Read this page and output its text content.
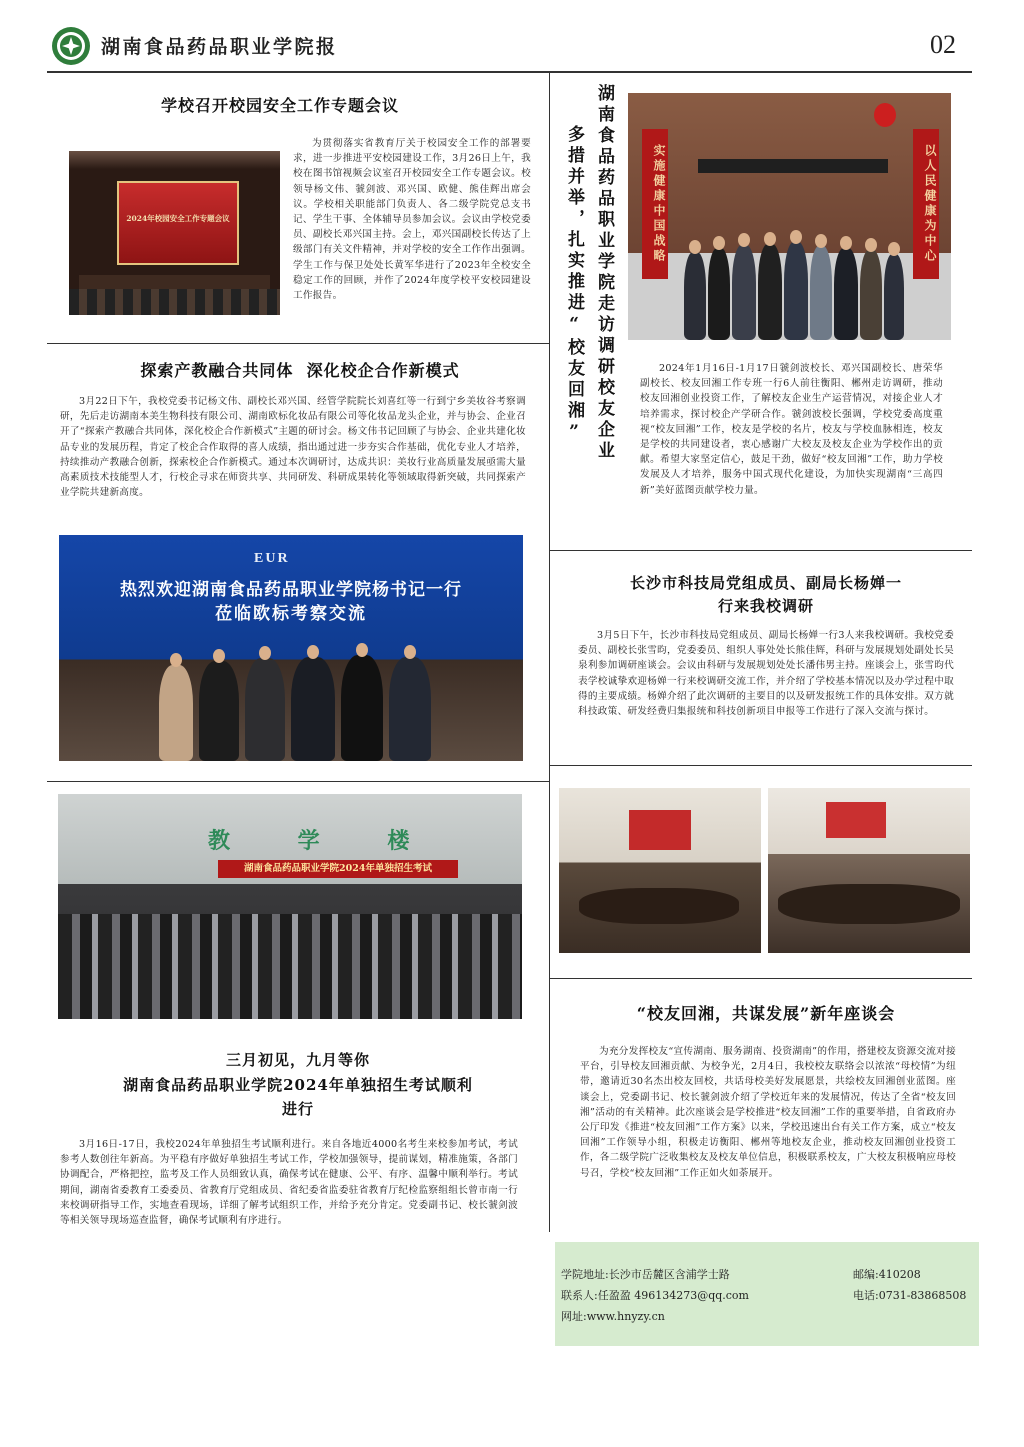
湖南食品药品职业学院报	02
学校召开校园安全工作专题会议
2024年校园安全工作专题会议
为贯彻落实省教育厅关于校园安全工作的部署要求，进一步推进平安校园建设工作，3月26日上午，我校在图书馆视频会议室召开校园安全工作专题会议。校领导杨文伟、虢剑波、邓兴国、欧健、熊佳辉出席会议。学校相关职能部门负责人、各二级学院党总支书记、学生干事、全体辅导员参加会议。会议由学校党委员、副校长邓兴国主持。会上，邓兴国副校长传达了上级部门有关文件精神，并对学校的安全工作作出强调。学生工作与保卫处处长黄军华进行了2023年全校安全稳定工作的回顾，并作了2024年度学校平安校园建设工作报告。
探索产教融合共同体  深化校企合作新模式
3月22日下午，我校党委书记杨文伟、副校长邓兴国、经管学院院长刘喜红等一行到宁乡美妆谷考察调研，先后走访湖南本美生物科技有限公司、湖南欧标化妆品有限公司等化妆品龙头企业，并与协会、企业召开了“探索产教融合共同体，深化校企合作新模式”主题的研讨会。杨文伟书记回顾了与协会、企业共建化妆品专业的发展历程，肯定了校企合作取得的喜人成绩，指出通过进一步夯实合作基础，优化专业人才培养，持续推动产教融合创新，探索校企合作新模式。通过本次调研讨，达成共识：美妆行业高质量发展亟需大量高素质技术技能型人才，行校企寻求在师资共享、共同研发、科研成果转化等领域取得新突破，共同探索产业学院共建新高度。
EUR
热烈欢迎湖南食品药品职业学院杨书记一行
莅临欧标考察交流
多措并举，扎实推进“校友回湘” 湖南食品药品职业学院走访调研校友企业	实施健康中国战略	以人民健康为中心
2024年1月16日-1月17日虢剑波校长、邓兴国副校长、唐荣华副校长、校友回湘工作专班一行6人前往衡阳、郴州走访调研，推动校友回湘创业投资工作，了解校友企业生产运营情况，对接企业人才培养需求，探讨校企产学研合作。虢剑波校长强调，学校党委高度重视“校友回湘”工作，校友是学校的名片，校友与学校血脉相连，校友是学校的共同建设者，衷心感谢广大校友及校友企业为学校作出的贡献。希望大家坚定信心，鼓足干劲，做好“校友回湘”工作，助力学校发展及人才培养，服务中国式现代化建设，为加快实现湖南“三高四新”美好蓝图贡献学校力量。
长沙市科技局党组成员、副局长杨婵一
行来我校调研
3月5日下午，长沙市科技局党组成员、副局长杨婵一行3人来我校调研。我校党委委员、副校长张雪昀，党委委员、组织人事处处长熊佳辉，科研与发展规划处副处长吴泉利参加调研座谈会。会议由科研与发展规划处处长潘伟男主持。座谈会上，张雪昀代表学校诚挚欢迎杨婵一行来校调研交流工作，并介绍了学校基本情况以及办学过程中取得的主要成绩。杨婵介绍了此次调研的主要目的以及研发报统工作的具体安排。双方就科技政策、研发经费归集报统和科技创新项目申报等工作进行了深入交流与探讨。
教 学 楼
湖南食品药品职业学院2024年单独招生考试
三月初见，九月等你
湖南食品药品职业学院2024年单独招生考试顺利
进行
3月16日-17日，我校2024年单独招生考试顺利进行。来自各地近4000名考生来校参加考试，考试参考人数创往年新高。为平稳有序做好单独招生考试工作，学校加强领导，提前谋划，精准施策，各部门协调配合，严格把控，监考及工作人员细致认真，确保考试在健康、公平、有序、温馨中顺利举行。考试期间，湖南省委教育工委委员、省教育厅党组成员、省纪委省监委驻省教育厅纪检监察组组长曾市南一行来校调研指导工作，实地查看现场，详细了解考试组织工作，并给予充分肯定。党委副书记、校长虢剑波等相关领导现场巡查监督，确保考试顺利有序进行。
“校友回湘，共谋发展”新年座谈会
为充分发挥校友“宣传湖南、服务湖南、投资湖南”的作用，搭建校友资源交流对接平台，引导校友回湘贡献、为校争光，2月4日，我校校友联络会以浓浓“母校情”为纽带，邀请近30名杰出校友回校，共话母校美好发展愿景，共绘校友回湘创业蓝图。座谈会上，党委副书记、校长虢剑波介绍了学校近年来的发展情况，传达了全省“校友回湘”活动的有关精神。此次座谈会是学校推进“校友回湘”工作的重要举措，自省政府办公厅印发《推进“校友回湘”工作方案》以来，学校迅速出台有关工作方案，成立“校友回湘”工作领导小组，积极走访衡阳、郴州等地校友企业，推动校友回湘创业投资工作，各二级学院广泛收集校友及校友单位信息，积极联系校友，广大校友积极响应母校号召，学校“校友回湘”工作正如火如荼展开。
学院地址:长沙市岳麓区含浦学士路	邮编:410208
联系人:任盈盈 496134273@qq.com	电话:0731-83868508
网址:www.hnyzy.cn
